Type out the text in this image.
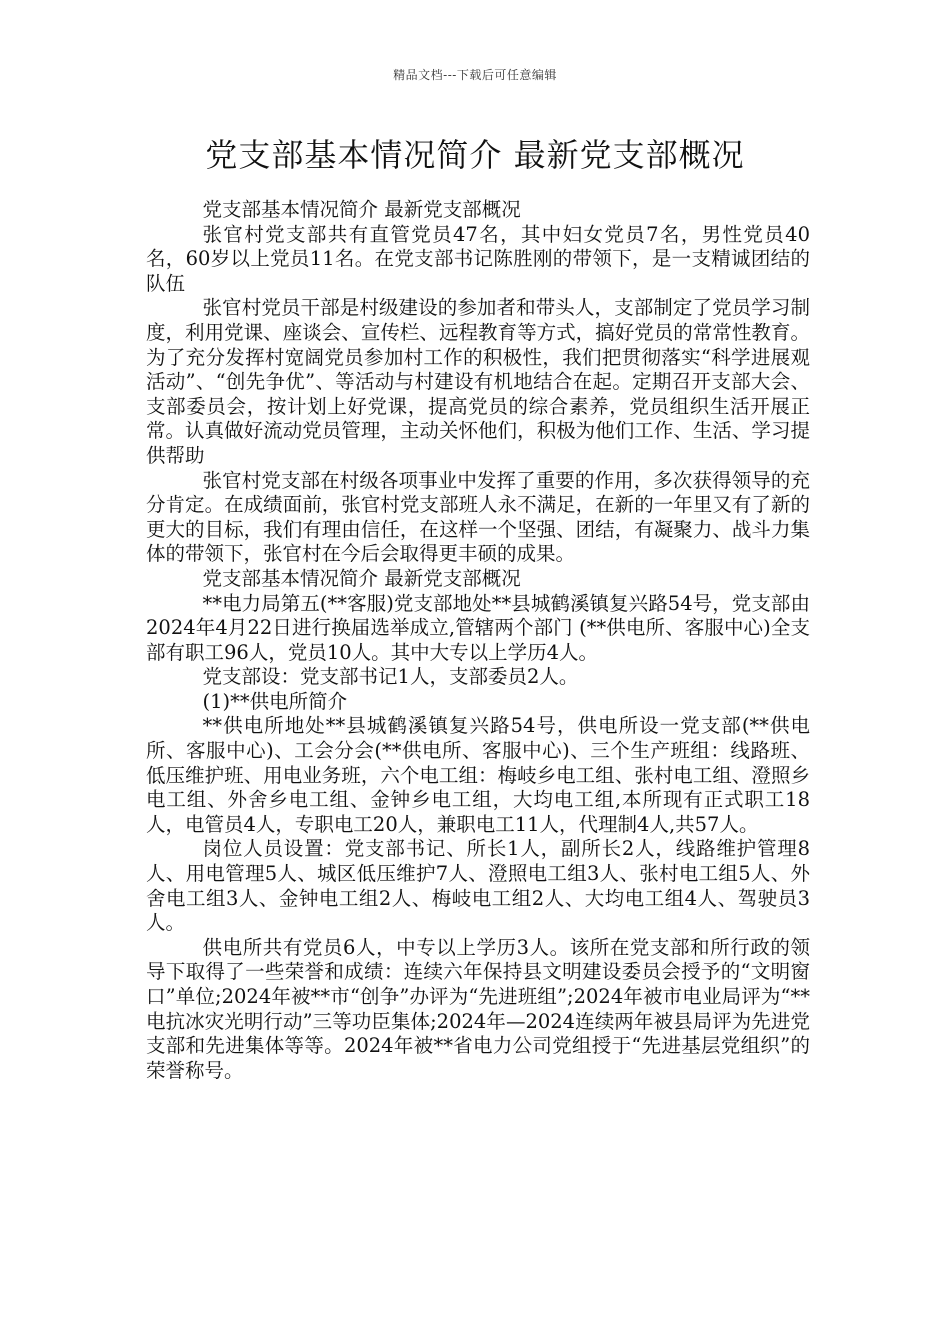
精品文档---下载后可任意编辑
党支部基本情况简介 最新党支部概况

党支部基本情况简介 最新党支部概况

张官村党支部共有直管党员47名，其中妇女党员7名，男性党员40名，60岁以上党员11名。在党支部书记陈胜刚的带领下，是一支精诚团结的队伍

张官村党员干部是村级建设的参加者和带头人，支部制定了党员学习制度，利用党课、座谈会、宣传栏、远程教育等方式，搞好党员的常常性教育。为了充分发挥村宽阔党员参加村工作的积极性，我们把贯彻落实“科学进展观活动”、“创先争优”、等活动与村建设有机地结合在起。定期召开支部大会、支部委员会，按计划上好党课，提高党员的综合素养，党员组织生活开展正常。认真做好流动党员管理，主动关怀他们，积极为他们工作、生活、学习提供帮助

张官村党支部在村级各项事业中发挥了重要的作用，多次获得领导的充分肯定。在成绩面前，张官村党支部班人永不满足，在新的一年里又有了新的更大的目标，我们有理由信任，在这样一个坚强、团结，有凝聚力、战斗力集体的带领下，张官村在今后会取得更丰硕的成果。

党支部基本情况简介 最新党支部概况

**电力局第五(**客服)党支部地处**县城鹤溪镇复兴路54号，党支部由2024年4月22日进行换届选举成立,管辖两个部门 (**供电所、客服中心)全支部有职工96人，党员10人。其中大专以上学历4人。

党支部设：党支部书记1人，支部委员2人。

(1)**供电所简介

**供电所地处**县城鹤溪镇复兴路54号，供电所设一党支部(**供电所、客服中心)、工会分会(**供电所、客服中心)、三个生产班组：线路班、低压维护班、用电业务班，六个电工组：梅岐乡电工组、张村电工组、澄照乡电工组、外舍乡电工组、金钟乡电工组，大均电工组,本所现有正式职工18人，电管员4人，专职电工20人，兼职电工11人，代理制4人,共57人。

岗位人员设置：党支部书记、所长1人，副所长2人，线路维护管理8人、用电管理5人、城区低压维护7人、澄照电工组3人、张村电工组5人、外舍电工组3人、金钟电工组2人、梅岐电工组2人、大均电工组4人、驾驶员3人。

供电所共有党员6人，中专以上学历3人。该所在党支部和所行政的领导下取得了一些荣誉和成绩：连续六年保持县文明建设委员会授予的“文明窗口”单位;2024年被**市“创争”办评为“先进班组”;2024年被市电业局评为“**电抗冰灾光明行动”三等功臣集体;2024年—2024连续两年被县局评为先进党支部和先进集体等等。2024年被**省电力公司党组授于“先进基层党组织”的荣誉称号。
